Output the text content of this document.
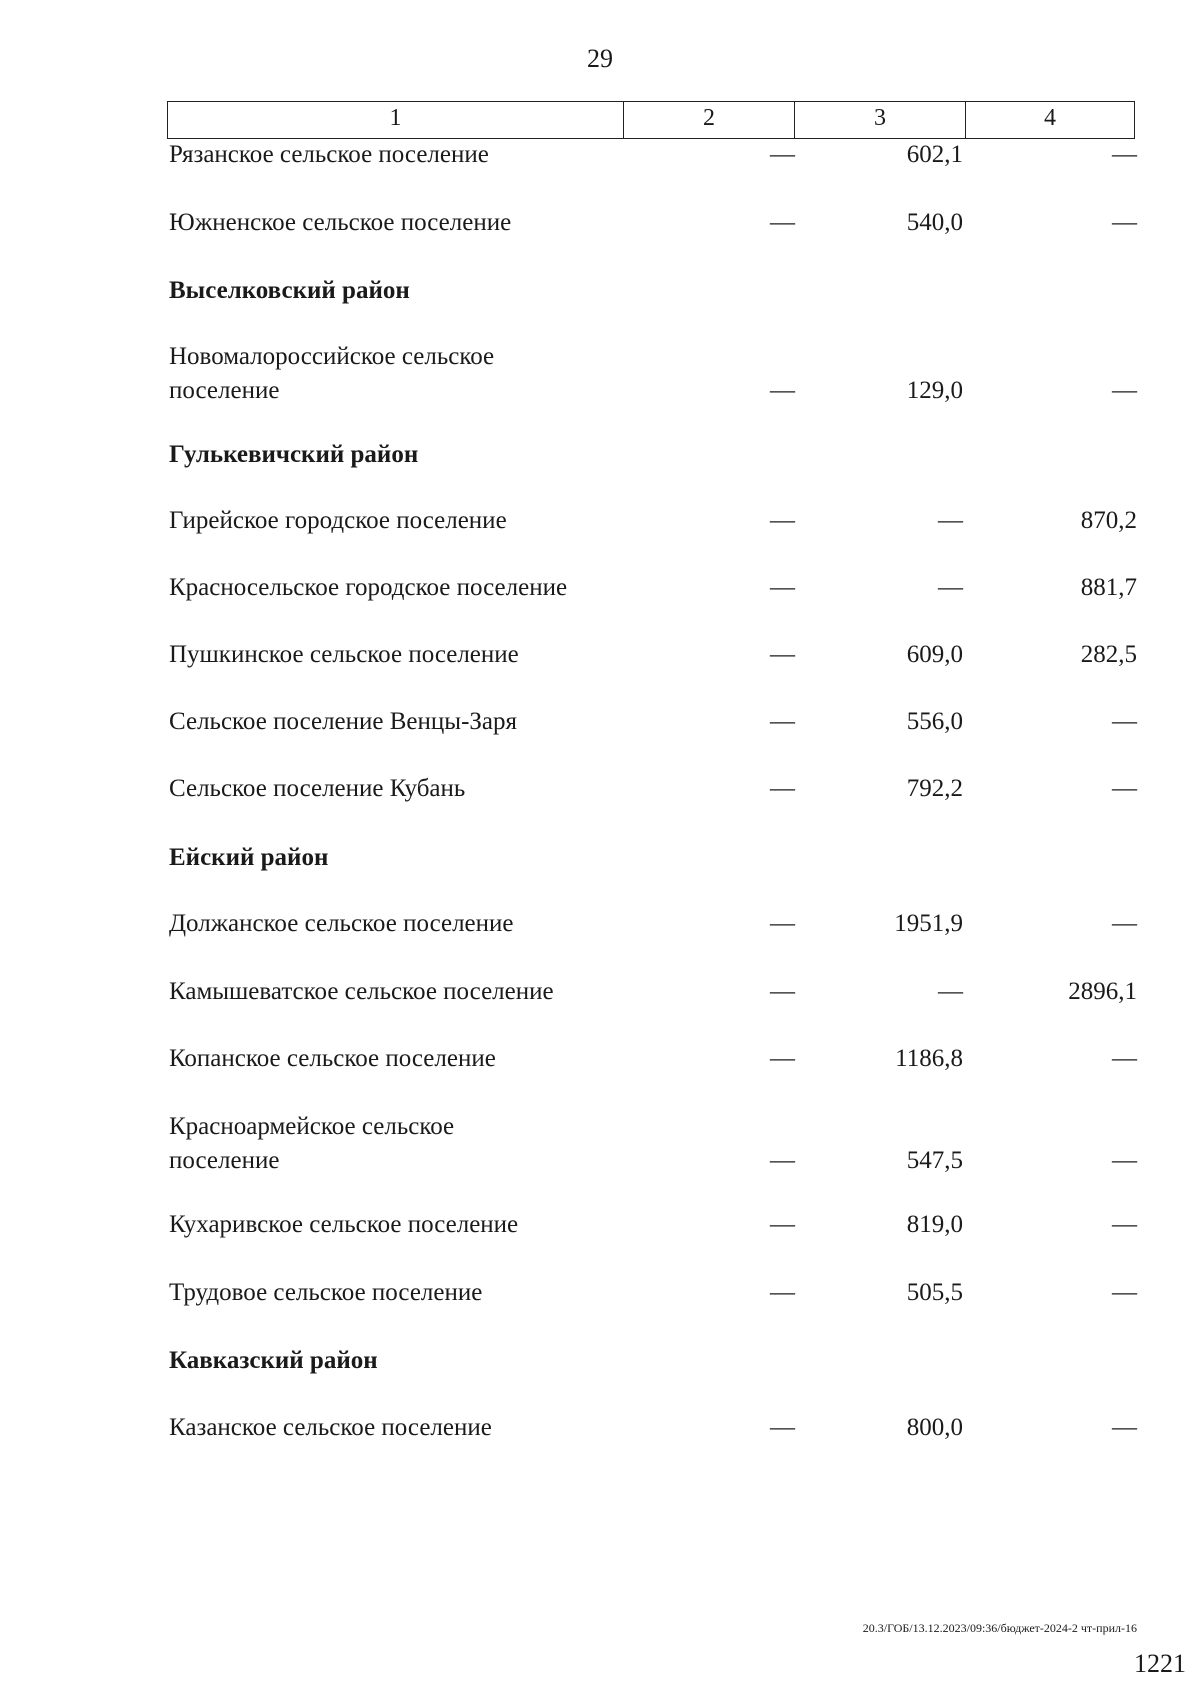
29
1	2	3	4
Рязанское сельское поселение	—	602,1	—
Южненское сельское поселение	—	540,0	—
Выселковский район
Новомалороссийское сельское
поселение	—	129,0	—
Гулькевичский район
Гирейское городское поселение	—	—	870,2
Красносельское городское поселение	—	—	881,7
Пушкинское сельское поселение	—	609,0	282,5
Сельское поселение Венцы-Заря	—	556,0	—
Сельское поселение Кубань	—	792,2	—
Ейский район
Должанское сельское поселение	—	1951,9	—
Камышеватское сельское поселение	—	—	2896,1
Копанское сельское поселение	—	1186,8	—
Красноармейское сельское
поселение	—	547,5	—
Кухаривское сельское поселение	—	819,0	—
Трудовое сельское поселение	—	505,5	—
Кавказский район
Казанское сельское поселение	—	800,0	—
20.3/ГОБ/13.12.2023/09:36/бюджет-2024-2 чт-прил-16
1221
